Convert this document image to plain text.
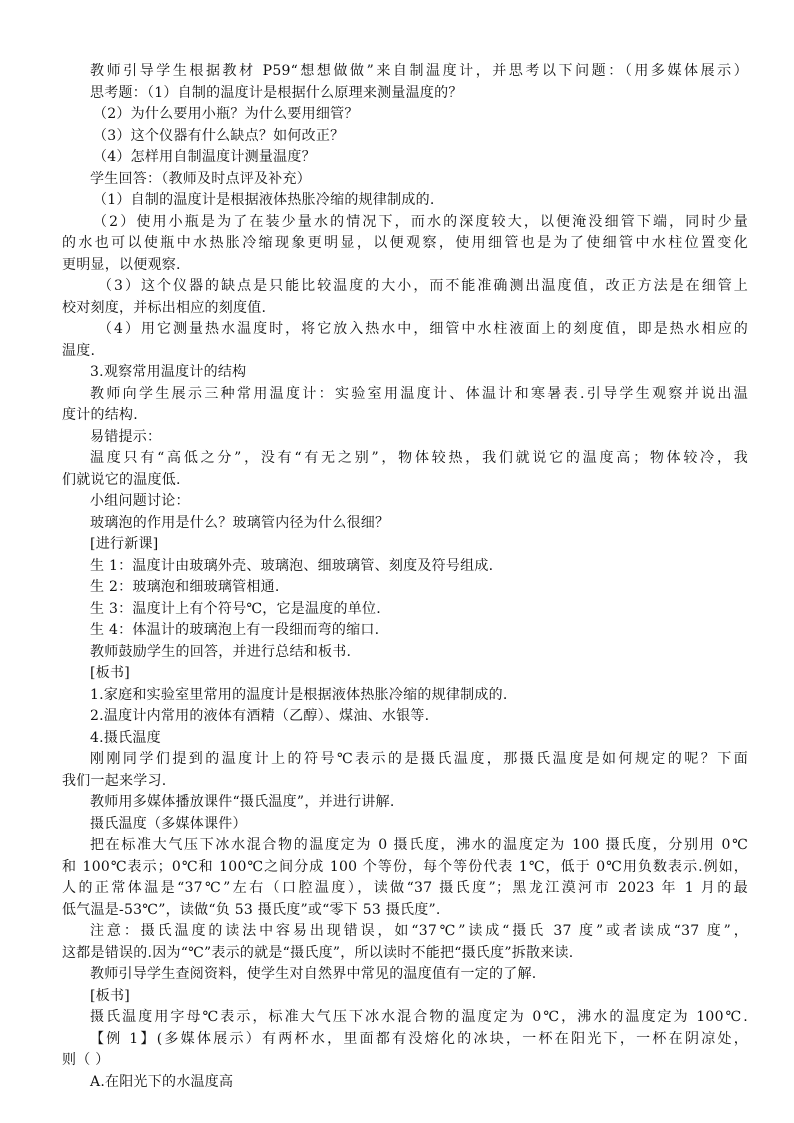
教师引导学生根据教材 P59“想想做做”来自制温度计，并思考以下问题：（用多媒体展示）
思考题：（1）自制的温度计是根据什么原理来测量温度的？
（2）为什么要用小瓶？为什么要用细管？
（3）这个仪器有什么缺点？如何改正？
（4）怎样用自制温度计测量温度？
学生回答：（教师及时点评及补充）
（1）自制的温度计是根据液体热胀冷缩的规律制成的.
（2）使用小瓶是为了在装少量水的情况下，而水的深度较大，以便淹没细管下端，同时少量
的水也可以使瓶中水热胀冷缩现象更明显，以便观察，使用细管也是为了使细管中水柱位置变化
更明显，以便观察.
（3）这个仪器的缺点是只能比较温度的大小，而不能准确测出温度值，改正方法是在细管上
校对刻度，并标出相应的刻度值.
（4）用它测量热水温度时，将它放入热水中，细管中水柱液面上的刻度值，即是热水相应的
温度.
3.观察常用温度计的结构
教师向学生展示三种常用温度计：实验室用温度计、体温计和寒暑表.引导学生观察并说出温
度计的结构.
易错提示：
温度只有“高低之分”，没有“有无之别”，物体较热，我们就说它的温度高；物体较冷，我
们就说它的温度低.
小组问题讨论：
玻璃泡的作用是什么？玻璃管内径为什么很细？
[进行新课]
生 1：温度计由玻璃外壳、玻璃泡、细玻璃管、刻度及符号组成.
生 2：玻璃泡和细玻璃管相通.
生 3：温度计上有个符号℃，它是温度的单位.
生 4：体温计的玻璃泡上有一段细而弯的缩口.
教师鼓励学生的回答，并进行总结和板书.
[板书]
1.家庭和实验室里常用的温度计是根据液体热胀冷缩的规律制成的.
2.温度计内常用的液体有酒精（乙醇）、煤油、水银等.
4.摄氏温度
刚刚同学们提到的温度计上的符号℃表示的是摄氏温度，那摄氏温度是如何规定的呢？下面
我们一起来学习.
教师用多媒体播放课件“摄氏温度”，并进行讲解.
摄氏温度（多媒体课件）
把在标准大气压下冰水混合物的温度定为 0 摄氏度，沸水的温度定为 100 摄氏度，分别用 0℃
和 100℃表示；0℃和 100℃之间分成 100 个等份，每个等份代表 1℃，低于 0℃用负数表示.例如，
人的正常体温是“37℃”左右（口腔温度），读做“37 摄氏度”；黑龙江漠河市 2023 年 1 月的最
低气温是-53℃”，读做“负 53 摄氏度”或“零下 53 摄氏度”.
注意：摄氏温度的读法中容易出现错误，如“37℃”读成“摄氏 37 度”或者读成“37 度”，
这都是错误的.因为“℃”表示的就是“摄氏度”，所以读时不能把“摄氏度”拆散来读.
教师引导学生查阅资料，使学生对自然界中常见的温度值有一定的了解.
[板书]
摄氏温度用字母℃表示，标准大气压下冰水混合物的温度定为 0℃，沸水的温度定为 100℃.
【例 1】(多媒体展示）有两杯水，里面都有没熔化的冰块，一杯在阳光下，一杯在阴凉处，
则（ ）
A.在阳光下的水温度高
